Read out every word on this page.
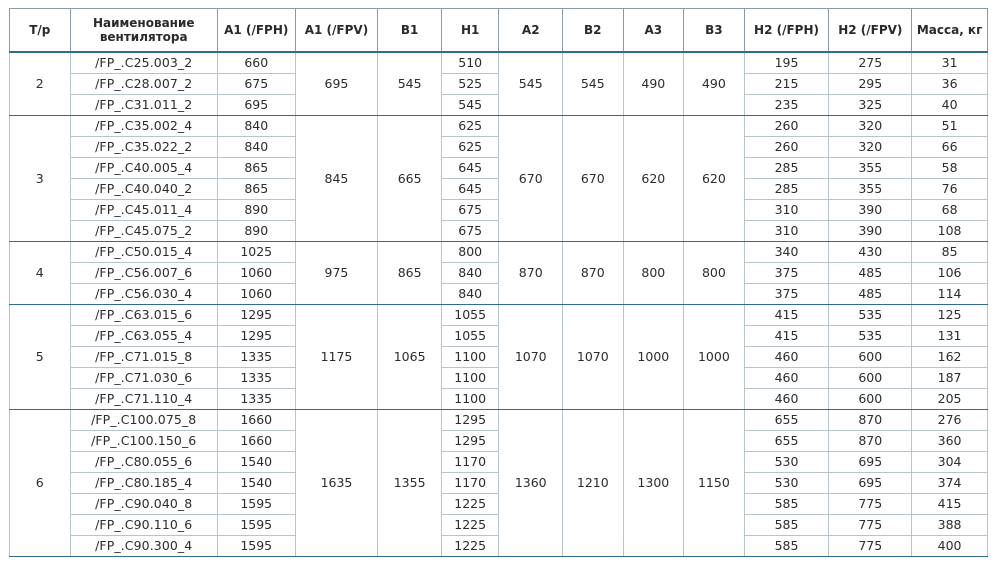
Т/р	Наименование вентилятора	A1 (/FPH)	A1 (/FPV)	B1	H1	A2	B2	A3	B3	H2 (/FPH)	H2 (/FPV)	Масса, кг
2	/FP_.C25.003_2	660	695	545	510	545	545	490	490	195	275	31
	/FP_.C28.007_2	675			525					215	295	36
	/FP_.C31.011_2	695			545					235	325	40
3	/FP_.C35.002_4	840	845	665	625	670	670	620	620	260	320	51
	/FP_.C35.022_2	840			625					260	320	66
	/FP_.C40.005_4	865			645					285	355	58
	/FP_.C40.040_2	865			645					285	355	76
	/FP_.C45.011_4	890			675					310	390	68
	/FP_.C45.075_2	890			675					310	390	108
4	/FP_.C50.015_4	1025	975	865	800	870	870	800	800	340	430	85
	/FP_.C56.007_6	1060			840					375	485	106
	/FP_.C56.030_4	1060			840					375	485	114
5	/FP_.C63.015_6	1295	1175	1065	1055	1070	1070	1000	1000	415	535	125
	/FP_.C63.055_4	1295			1055					415	535	131
	/FP_.C71.015_8	1335			1100					460	600	162
	/FP_.C71.030_6	1335			1100					460	600	187
	/FP_.C71.110_4	1335			1100					460	600	205
6	/FP_.C100.075_8	1660	1635	1355	1295	1360	1210	1300	1150	655	870	276
	/FP_.C100.150_6	1660			1295					655	870	360
	/FP_.C80.055_6	1540			1170					530	695	304
	/FP_.C80.185_4	1540			1170					530	695	374
	/FP_.C90.040_8	1595			1225					585	775	415
	/FP_.C90.110_6	1595			1225					585	775	388
	/FP_.C90.300_4	1595			1225					585	775	400
